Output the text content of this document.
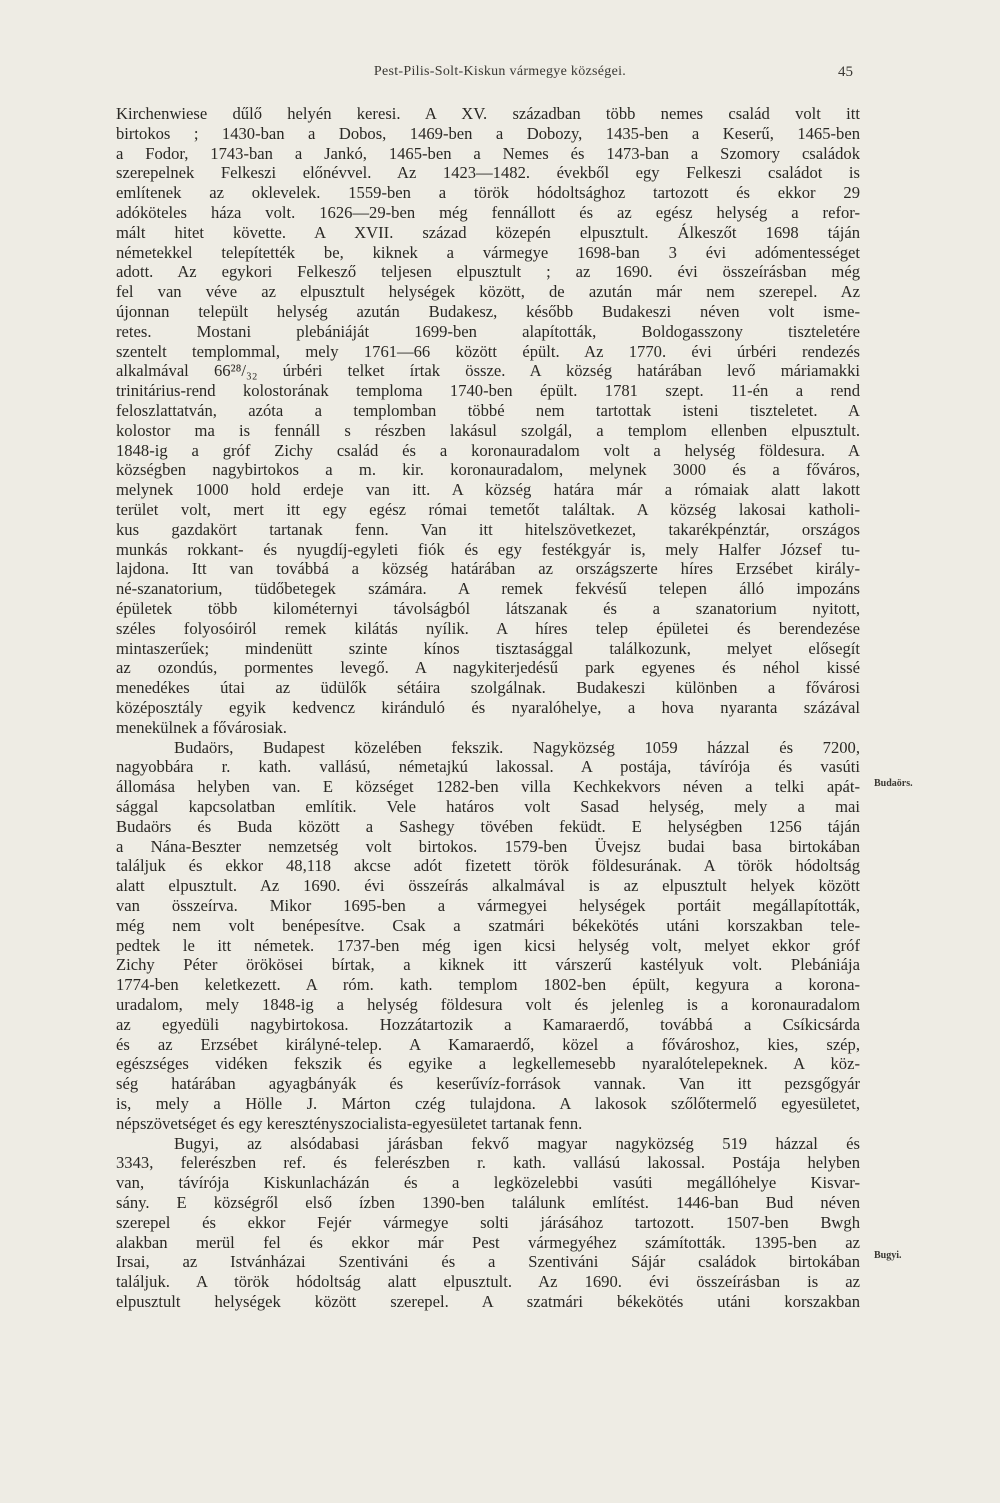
Pest-Pilis-Solt-Kiskun vármegye községei.	45
Kirchenwiese dűlő helyén keresi. A XV. században több nemes család volt itt
birtokos ; 1430-ban a Dobos, 1469-ben a Dobozy, 1435-ben a Keserű, 1465-ben
a Fodor, 1743-ban a Jankó, 1465-ben a Nemes és 1473-ban a Szomory családok
szerepelnek Felkeszi előnévvel. Az 1423—1482. évekből egy Felkeszi családot is
említenek az oklevelek. 1559-ben a török hódoltsághoz tartozott és ekkor 29
adóköteles háza volt. 1626—29-ben még fennállott és az egész helység a refor-
mált hitet követte. A XVII. század közepén elpusztult. Álkeszőt 1698 táján
németekkel telepítették be, kiknek a vármegye 1698-ban 3 évi adómentességet
adott. Az egykori Felkesző teljesen elpusztult ; az 1690. évi összeírásban még
fel van véve az elpusztult helységek között, de azután már nem szerepel. Az
újonnan települt helység azután Budakesz, később Budakeszi néven volt isme-
retes. Mostani plebániáját 1699-ben alapították, Boldogasszony tiszteletére
szentelt templommal, mely 1761—66 között épült. Az 1770. évi úrbéri rendezés
alkalmával 66²⁸/₃₂ úrbéri telket írtak össze. A község határában levő máriamakki
trinitárius-rend kolostorának temploma 1740-ben épült. 1781 szept. 11-én a rend
feloszlattatván, azóta a templomban többé nem tartottak isteni tiszteletet. A
kolostor ma is fennáll s részben lakásul szolgál, a templom ellenben elpusztult.
1848-ig a gróf Zichy család és a koronauradalom volt a helység földesura. A
községben nagybirtokos a m. kir. koronauradalom, melynek 3000 és a főváros,
melynek 1000 hold erdeje van itt. A község határa már a rómaiak alatt lakott
terület volt, mert itt egy egész római temetőt találtak. A község lakosai katholi-
kus gazdakört tartanak fenn. Van itt hitelszövetkezet, takarékpénztár, országos
munkás rokkant- és nyugdíj-egyleti fiók és egy festékgyár is, mely Halfer József tu-
lajdona. Itt van továbbá a község határában az országszerte híres Erzsébet király-
né-szanatorium, tüdőbetegek számára. A remek fekvésű telepen álló impozáns
épületek több kilométernyi távolságból látszanak és a szanatorium nyitott,
széles folyosóiról remek kilátás nyílik. A híres telep épületei és berendezése
mintaszerűek; mindenütt szinte kínos tisztasággal találkozunk, melyet elősegít
az ozondús, pormentes levegő. A nagykiterjedésű park egyenes és néhol kissé
menedékes útai az üdülők sétáira szolgálnak. Budakeszi különben a fővárosi
középosztály egyik kedvencz kiránduló és nyaralóhelye, a hova nyaranta százával
menekülnek a fővárosiak.
Budaörs, Budapest közelében fekszik. Nagyközség 1059 házzal és 7200,
nagyobbára r. kath. vallású, németajkú lakossal. A postája, távírója és vasúti
állomása helyben van. E községet 1282-ben villa Kechkekvors néven a telki apát-
sággal kapcsolatban említik. Vele határos volt Sasad helység, mely a mai
Budaörs és Buda között a Sashegy tövében feküdt. E helységben 1256 táján
a Nána-Beszter nemzetség volt birtokos. 1579-ben Üvejsz budai basa birtokában
találjuk és ekkor 48,118 akcse adót fizetett török földesurának. A török hódoltság
alatt elpusztult. Az 1690. évi összeírás alkalmával is az elpusztult helyek között
van összeírva. Mikor 1695-ben a vármegyei helységek portáit megállapították,
még nem volt benépesítve. Csak a szatmári békekötés utáni korszakban tele-
pedtek le itt németek. 1737-ben még igen kicsi helység volt, melyet ekkor gróf
Zichy Péter örökösei bírtak, a kiknek itt várszerű kastélyuk volt. Plebániája
1774-ben keletkezett. A róm. kath. templom 1802-ben épült, kegyura a korona-
uradalom, mely 1848-ig a helység földesura volt és jelenleg is a koronauradalom
az egyedüli nagybirtokosa. Hozzátartozik a Kamaraerdő, továbbá a Csíkicsárda
és az Erzsébet királyné-telep. A Kamaraerdő, közel a fővároshoz, kies, szép,
egészséges vidéken fekszik és egyike a legkellemesebb nyaralótelepeknek. A köz-
ség határában agyagbányák és keserűvíz-források vannak. Van itt pezsgőgyár
is, mely a Hölle J. Márton czég tulajdona. A lakosok szőlőtermelő egyesületet,
népszövetséget és egy keresztényszocialista-egyesületet tartanak fenn.
Bugyi, az alsódabasi járásban fekvő magyar nagyközség 519 házzal és
3343, felerészben ref. és felerészben r. kath. vallású lakossal. Postája helyben
van, távírója Kiskunlacházán és a legközelebbi vasúti megállóhelye Kisvar-
sány. E községről első ízben 1390-ben találunk említést. 1446-ban Bud néven
szerepel és ekkor Fejér vármegye solti járásához tartozott. 1507-ben Bwgh
alakban merül fel és ekkor már Pest vármegyéhez számították. 1395-ben az
Irsai, az Istvánházai Szentiváni és a Szentiváni Sájár családok birtokában
találjuk. A török hódoltság alatt elpusztult. Az 1690. évi összeírásban is az
elpusztult helységek között szerepel. A szatmári békekötés utáni korszakban
Budaörs.
Bugyi.
